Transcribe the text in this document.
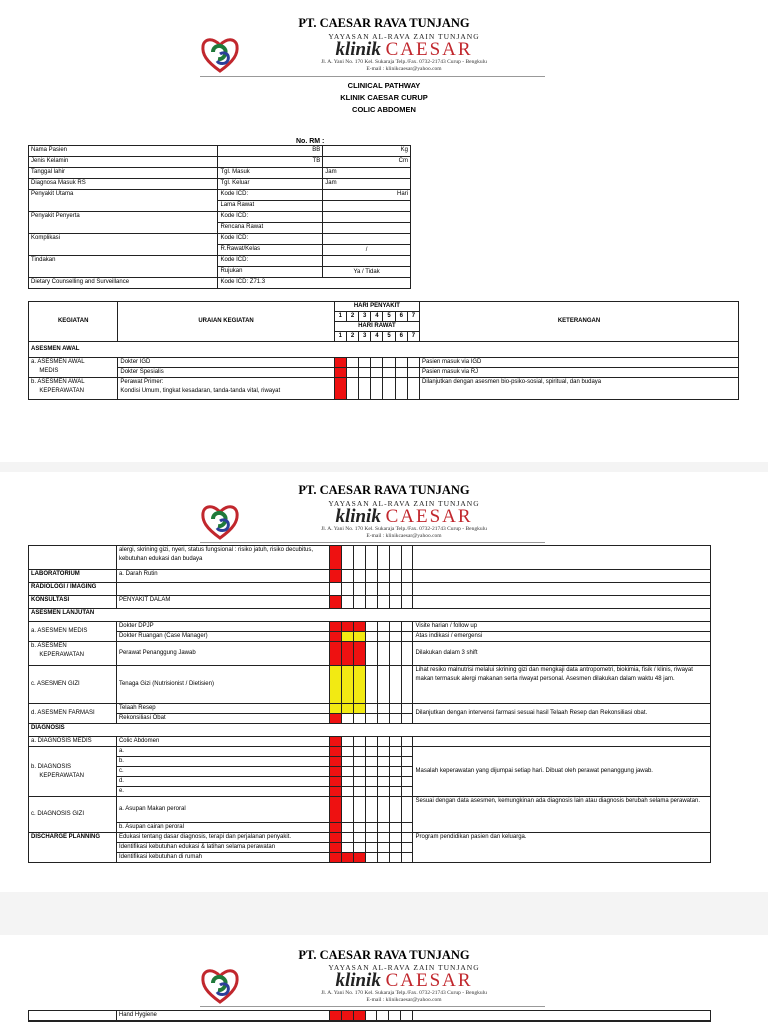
PT. CAESAR RAVA TUNJANG
YAYASAN AL-RAVA ZAIN TUNJANG
klinik CAESAR
Jl. A. Yani No. 170 Kel. Sukaraja Telp./Fax. 0732-21743 Curup - Bengkulu
E-mail : klinikcaesar@yahoo.com
CLINICAL PATHWAY
KLINIK CAESAR CURUP
COLIC ABDOMEN
No. RM :
Nama Pasien	BB	Kg
Jenis Kelamin	TB	Cm
Tanggal lahir	Tgl. Masuk	Jam
Diagnosa Masuk RS	Tgl. Keluar	Jam
Penyakit Utama	Kode ICD:	Hari
	Lama Rawat	
Penyakit Penyerta	Kode ICD:	
	Rencana Rawat	
Komplikasi	Kode ICD:	
	R.Rawat/Kelas	/
Tindakan	Kode ICD:	
	Rujukan	Ya / Tidak
Dietary Counselling and Surveillance	Kode ICD: Z71.3	
KEGIATAN	URAIAN KEGIATAN	HARI PENYAKIT							KETERANGAN
		1	2	3	4	5	6	7	
		HARI RAWAT							
		1	2	3	4	5	6	7	
ASESMEN AWAL									
a. ASESMEN AWAL
MEDIS	Dokter IGD								Pasien masuk via IGD
	Dokter Spesialis								Pasien masuk via RJ
b. ASESMEN AWAL
KEPERAWATAN	Perawat Primer:
Kondisi Umum, tingkat kesadaran, tanda-tanda vital, riwayat								Dilanjutkan dengan asesmen bio-psiko-sosial, spiritual, dan budaya
PT. CAESAR RAVA TUNJANG
YAYASAN AL-RAVA ZAIN TUNJANG
klinik CAESAR
Jl. A. Yani No. 170 Kel. Sukaraja Telp./Fax. 0732-21743 Curup - Bengkulu
E-mail : klinikcaesar@yahoo.com
	alergi, skrining gizi, nyeri, status fungsional : risiko jatuh, risiko decubitus, kebutuhan edukasi dan budaya								
LABORATORIUM	a. Darah Rutin								
RADIOLOGI / IMAGING									
KONSULTASI	PENYAKIT DALAM								
ASESMEN LANJUTAN									
a. ASESMEN MEDIS	Dokter DPJP								Visite harian / follow up
	Dokter Ruangan (Case Manager)								Atas indikasi / emergensi
b. ASESMEN
KEPERAWATAN	Perawat Penanggung Jawab								Dilakukan dalam 3 shift
c. ASESMEN GIZI	Tenaga Gizi (Nutrisionist / Dietisien)								Lihat resiko malnutrisi melalui skrining gizi dan mengkaji data antropometri, biokimia, fisik / klinis, riwayat makan termasuk alergi makanan serta riwayat personal. Asesmen dilakukan dalam waktu 48 jam.
d. ASESMEN FARMASI	Telaah Resep								Dilanjutkan dengan intervensi farmasi sesuai hasil Telaah Resep dan Rekonsiliasi obat.
	Rekonsiliasi Obat								
DIAGNOSIS									
a. DIAGNOSIS MEDIS	Colic Abdomen								
b. DIAGNOSIS
KEPERAWATAN	a.								Masalah keperawatan yang dijumpai setiap hari. Dibuat oleh perawat penanggung jawab.
	b.								
	c.								
	d.								
	e.								
c. DIAGNOSIS GIZI	a. Asupan Makan peroral								Sesuai dengan data asesmen, kemungkinan ada diagnosis lain atau diagnosis berubah selama perawatan.
	b. Asupan cairan peroral								
DISCHARGE PLANNING	Edukasi tentang dasar diagnosis, terapi dan perjalanan penyakit.								Program pendidikan pasien dan keluarga.
	Identifikasi kebutuhan edukasi & latihan selama perawatan								
	Identifikasi kebutuhan di rumah								
PT. CAESAR RAVA TUNJANG
YAYASAN AL-RAVA ZAIN TUNJANG
klinik CAESAR
Jl. A. Yani No. 170 Kel. Sukaraja Telp./Fax. 0732-21743 Curup - Bengkulu
E-mail : klinikcaesar@yahoo.com
	Hand Hygiene								
